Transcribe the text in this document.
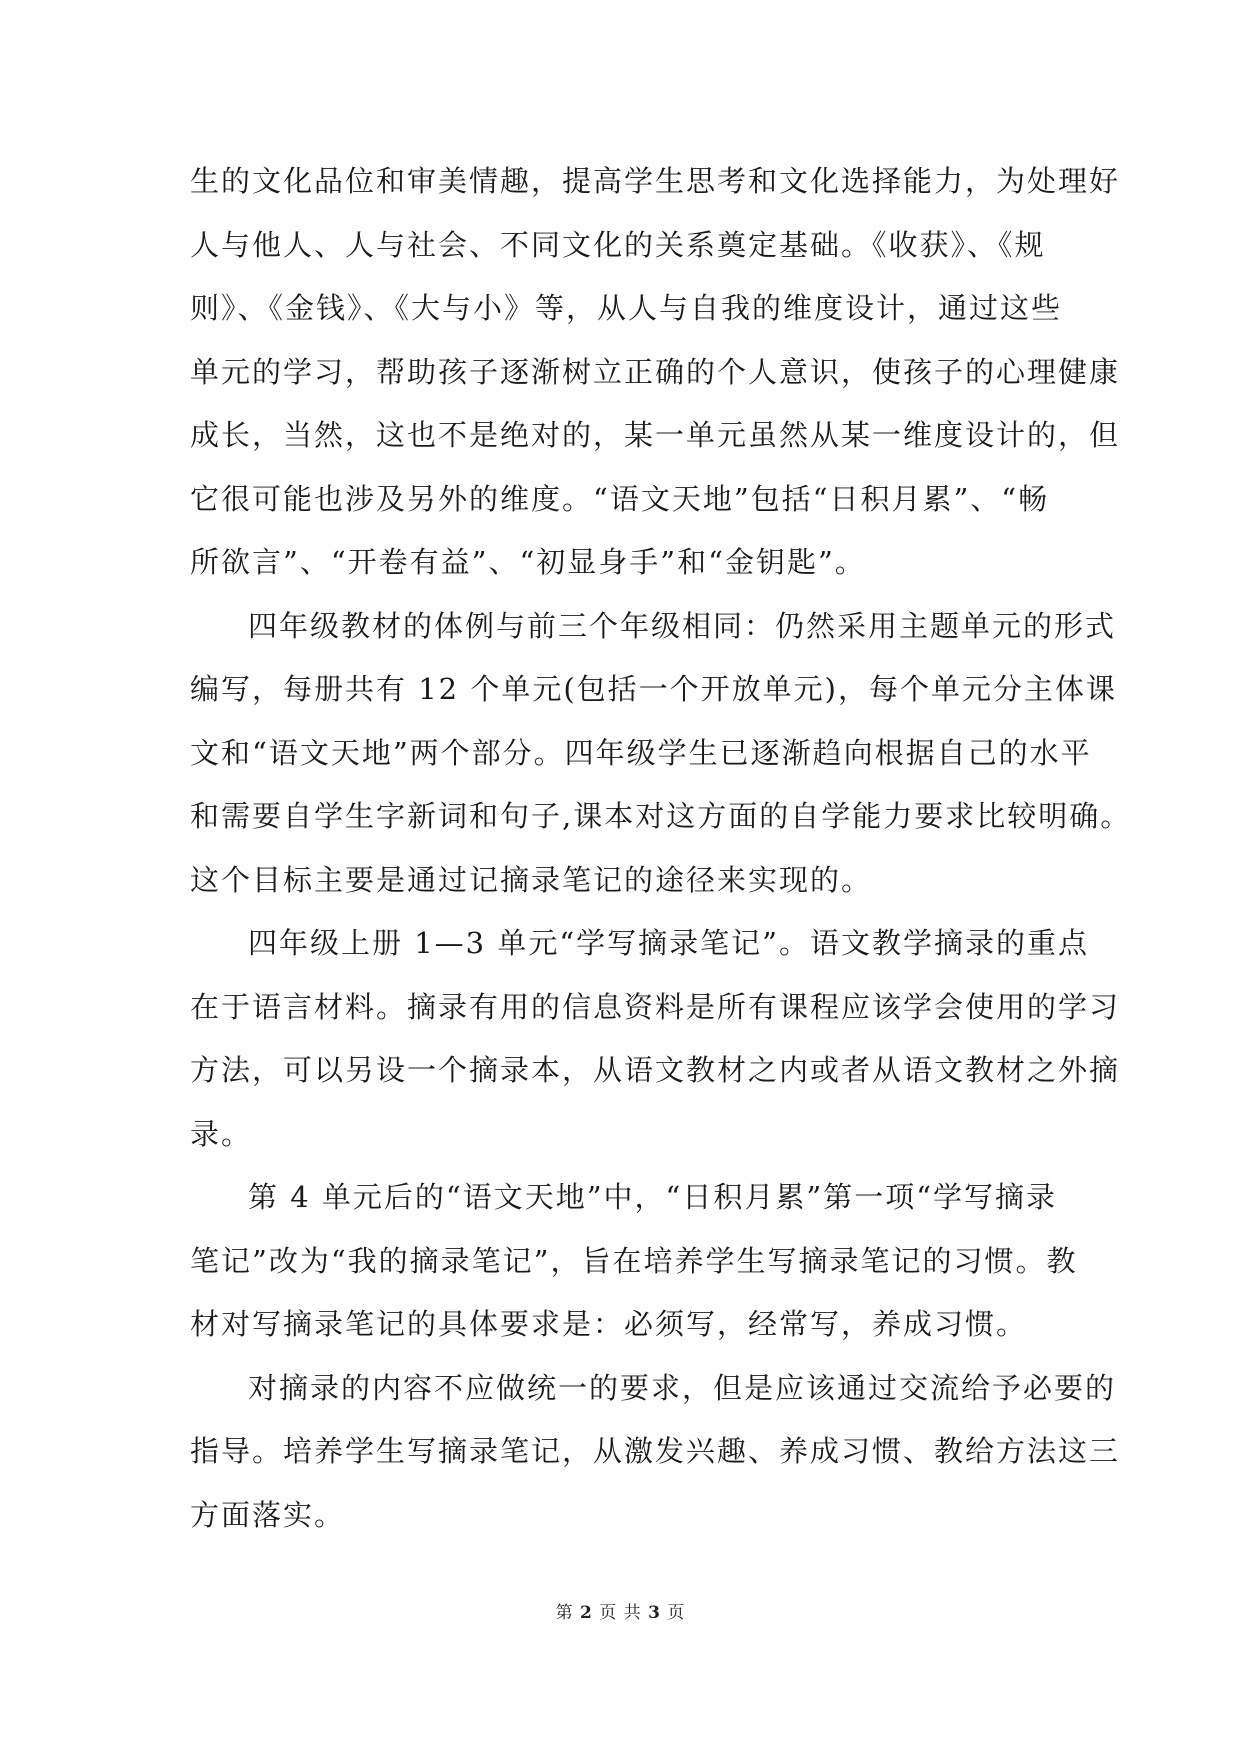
生的文化品位和审美情趣，提高学生思考和文化选择能力，为处理好
人与他人、人与社会、不同文化的关系奠定基础。《收获》、《规
则》、《金钱》、《大与小》等，从人与自我的维度设计，通过这些
单元的学习，帮助孩子逐渐树立正确的个人意识，使孩子的心理健康
成长，当然，这也不是绝对的，某一单元虽然从某一维度设计的，但
它很可能也涉及另外的维度。“语文天地”包括“日积月累”、“畅
所欲言”、“开卷有益”、“初显身手”和“金钥匙”。

四年级教材的体例与前三个年级相同：仍然采用主题单元的形式
编写，每册共有 12 个单元(包括一个开放单元)，每个单元分主体课
文和“语文天地”两个部分。四年级学生已逐渐趋向根据自己的水平
和需要自学生字新词和句子,课本对这方面的自学能力要求比较明确。
这个目标主要是通过记摘录笔记的途径来实现的。

四年级上册 1—3 单元“学写摘录笔记”。语文教学摘录的重点
在于语言材料。摘录有用的信息资料是所有课程应该学会使用的学习
方法，可以另设一个摘录本，从语文教材之内或者从语文教材之外摘
录。

第 4 单元后的“语文天地”中，“日积月累”第一项“学写摘录
笔记”改为“我的摘录笔记”，旨在培养学生写摘录笔记的习惯。教
材对写摘录笔记的具体要求是：必须写，经常写，养成习惯。

对摘录的内容不应做统一的要求，但是应该通过交流给予必要的
指导。培养学生写摘录笔记，从激发兴趣、养成习惯、教给方法这三
方面落实。

第 2 页 共 3 页
